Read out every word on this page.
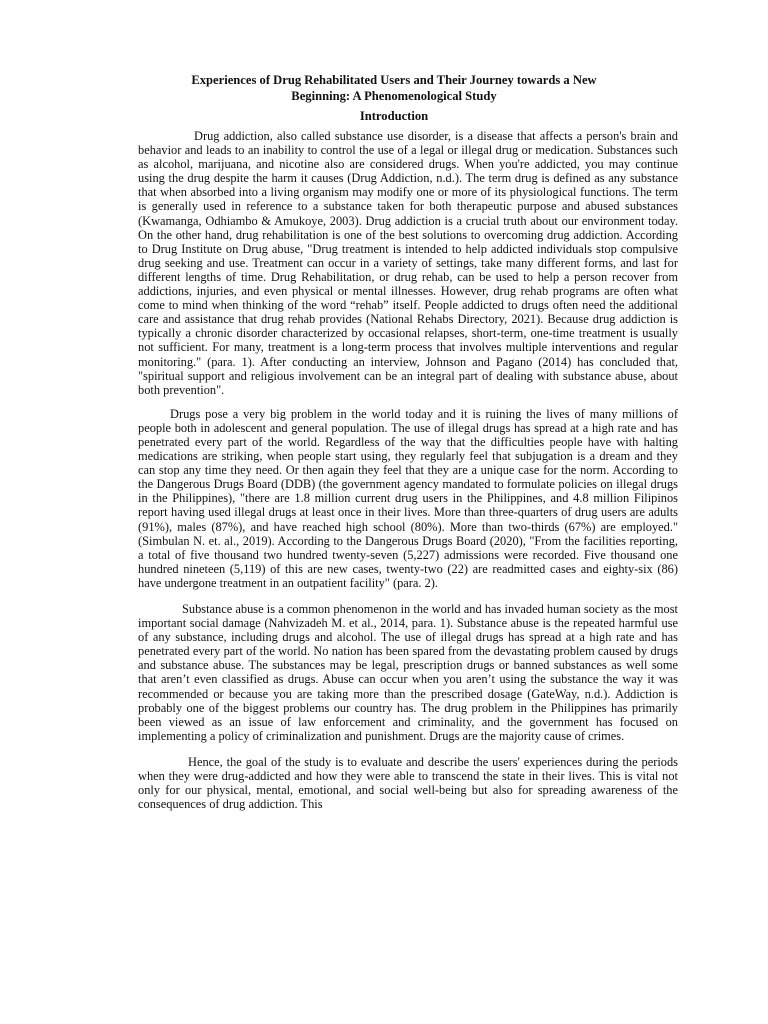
Experiences of Drug Rehabilitated Users and Their Journey towards a New

Beginning: A Phenomenological Study

Introduction

Drug addiction, also called substance use disorder, is a disease that affects a person's brain and behavior and leads to an inability to control the use of a legal or illegal drug or medication. Substances such as alcohol, marijuana, and nicotine also are considered drugs. When you're addicted, you may continue using the drug despite the harm it causes (Drug Addiction, n.d.). The term drug is defined as any substance that when absorbed into a living organism may modify one or more of its physiological functions. The term is generally used in reference to a substance taken for both therapeutic purpose and abused substances (Kwamanga, Odhiambo & Amukoye, 2003). Drug addiction is a crucial truth about our environment today. On the other hand, drug rehabilitation is one of the best solutions to overcoming drug addiction. According to Drug Institute on Drug abuse, "Drug treatment is intended to help addicted individuals stop compulsive drug seeking and use. Treatment can occur in a variety of settings, take many different forms, and last for different lengths of time. Drug Rehabilitation, or drug rehab, can be used to help a person recover from addictions, injuries, and even physical or mental illnesses. However, drug rehab programs are often what come to mind when thinking of the word “rehab” itself. People addicted to drugs often need the additional care and assistance that drug rehab provides (National Rehabs Directory, 2021). Because drug addiction is typically a chronic disorder characterized by occasional relapses, short-term, one-time treatment is usually not sufficient. For many, treatment is a long-term process that involves multiple interventions and regular monitoring." (para. 1). After conducting an interview, Johnson and Pagano (2014) has concluded that, "spiritual support and religious involvement can be an integral part of dealing with substance abuse, about both prevention".

Drugs pose a very big problem in the world today and it is ruining the lives of many millions of people both in adolescent and general population. The use of illegal drugs has spread at a high rate and has penetrated every part of the world. Regardless of the way that the difficulties people have with halting medications are striking, when people start using, they regularly feel that subjugation is a dream and they can stop any time they need. Or then again they feel that they are a unique case for the norm. According to the Dangerous Drugs Board (DDB) (the government agency mandated to formulate policies on illegal drugs in the Philippines), "there are 1.8 million current drug users in the Philippines, and 4.8 million Filipinos report having used illegal drugs at least once in their lives. More than three-quarters of drug users are adults (91%), males (87%), and have reached high school (80%). More than two-thirds (67%) are employed." (Simbulan N. et. al., 2019). According to the Dangerous Drugs Board (2020), "From the facilities reporting, a total of five thousand two hundred twenty-seven (5,227) admissions were recorded. Five thousand one hundred nineteen (5,119) of this are new cases, twenty-two (22) are readmitted cases and eighty-six (86) have undergone treatment in an outpatient facility" (para. 2).

Substance abuse is a common phenomenon in the world and has invaded human society as the most important social damage (Nahvizadeh M. et al., 2014, para. 1). Substance abuse is the repeated harmful use of any substance, including drugs and alcohol. The use of illegal drugs has spread at a high rate and has penetrated every part of the world. No nation has been spared from the devastating problem caused by drugs and substance abuse. The substances may be legal, prescription drugs or banned substances as well some that aren’t even classified as drugs. Abuse can occur when you aren’t using the substance the way it was recommended or because you are taking more than the prescribed dosage (GateWay, n.d.). Addiction is probably one of the biggest problems our country has. The drug problem in the Philippines has primarily been viewed as an issue of law enforcement and criminality, and the government has focused on implementing a policy of criminalization and punishment. Drugs are the majority cause of crimes.

Hence, the goal of the study is to evaluate and describe the users' experiences during the periods when they were drug-addicted and how they were able to transcend the state in their lives. This is vital not only for our physical, mental, emotional, and social well-being but also for spreading awareness of the consequences of drug addiction. This
